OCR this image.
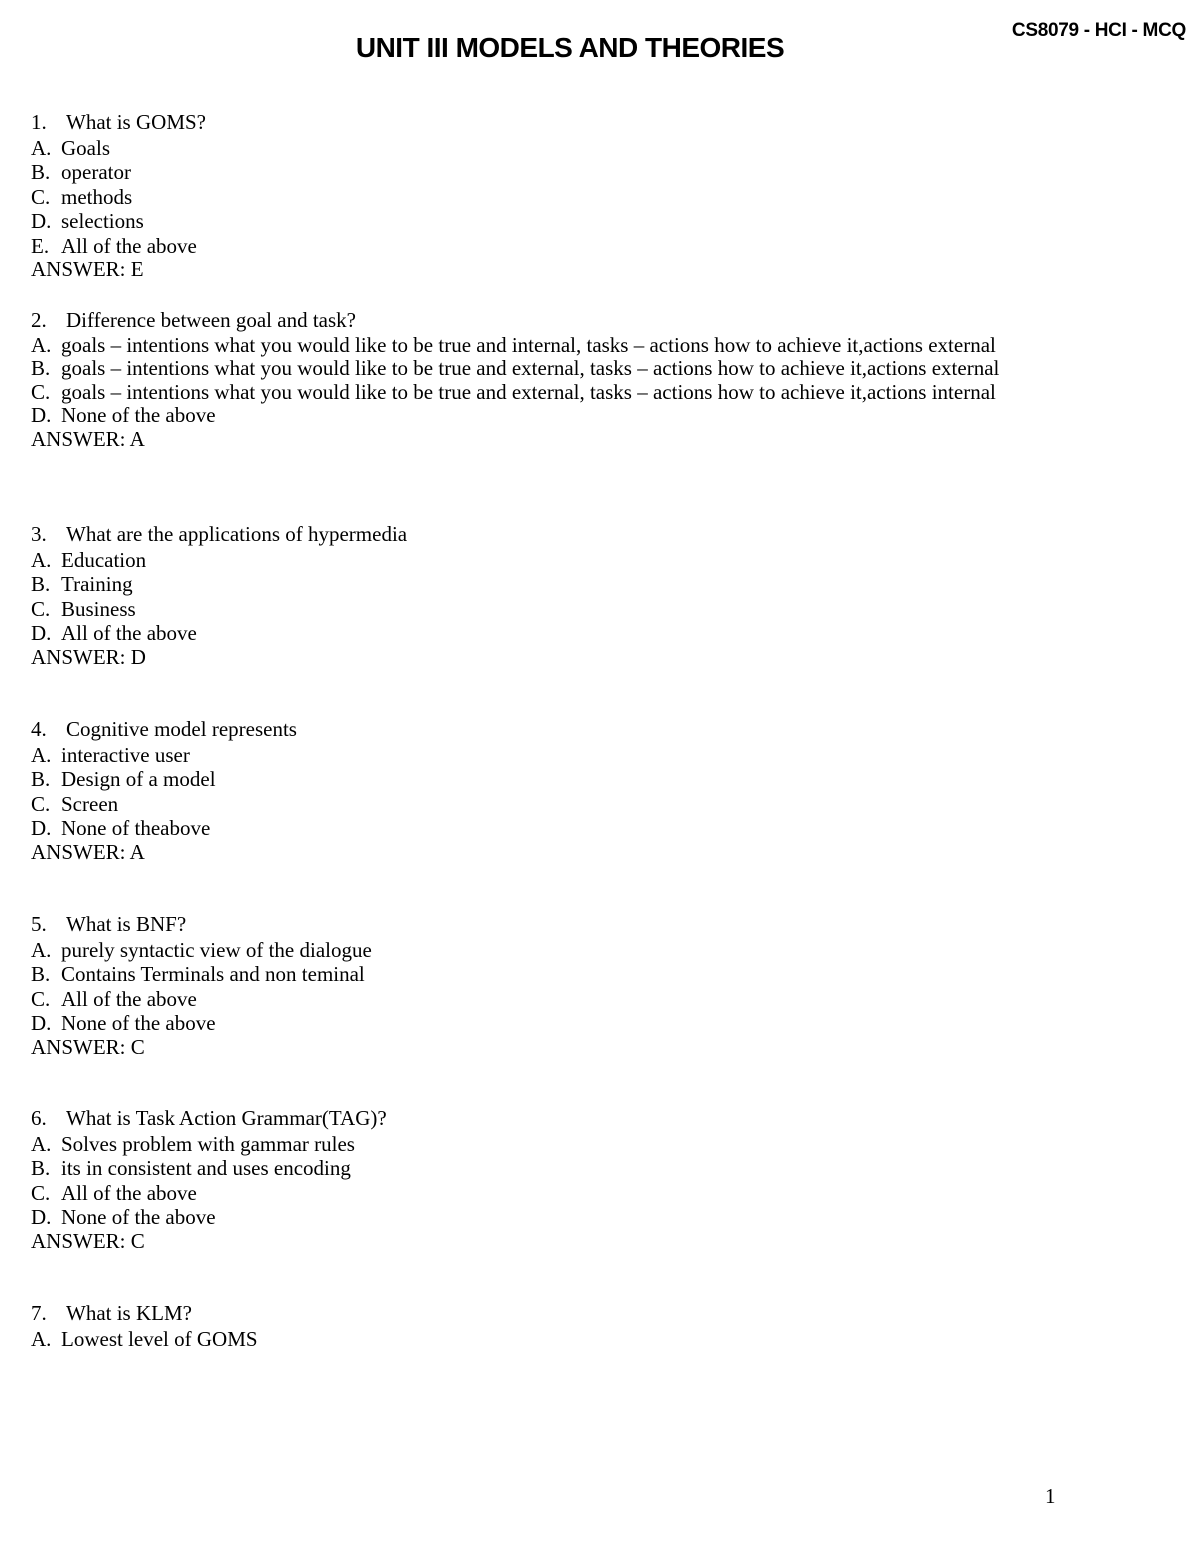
CS8079 - HCI - MCQ
UNIT III MODELS AND THEORIES
1. What is GOMS?
A. Goals
B. operator
C. methods
D. selections
E. All of the above
ANSWER: E
2. Difference between goal and task?
A. goals – intentions what you would like to be true and internal, tasks – actions how to achieve it,actions external
B. goals – intentions what you would like to be true and external, tasks – actions how to achieve it,actions external
C. goals – intentions what you would like to be true and external, tasks – actions how to achieve it,actions internal
D. None of the above
ANSWER: A
3. What are the applications of hypermedia
A. Education
B. Training
C. Business
D. All of the above
ANSWER: D
4. Cognitive model represents
A. interactive user
B. Design of a model
C. Screen
D. None of theabove
ANSWER: A
5. What is BNF?
A. purely syntactic view of the dialogue
B. Contains Terminals and non teminal
C. All of the above
D. None of the above
ANSWER: C
6. What is Task Action Grammar(TAG)?
A. Solves problem with gammar rules
B. its in consistent and uses encoding
C. All of the above
D. None of the above
ANSWER: C
7. What is KLM?
A. Lowest level of GOMS
1
